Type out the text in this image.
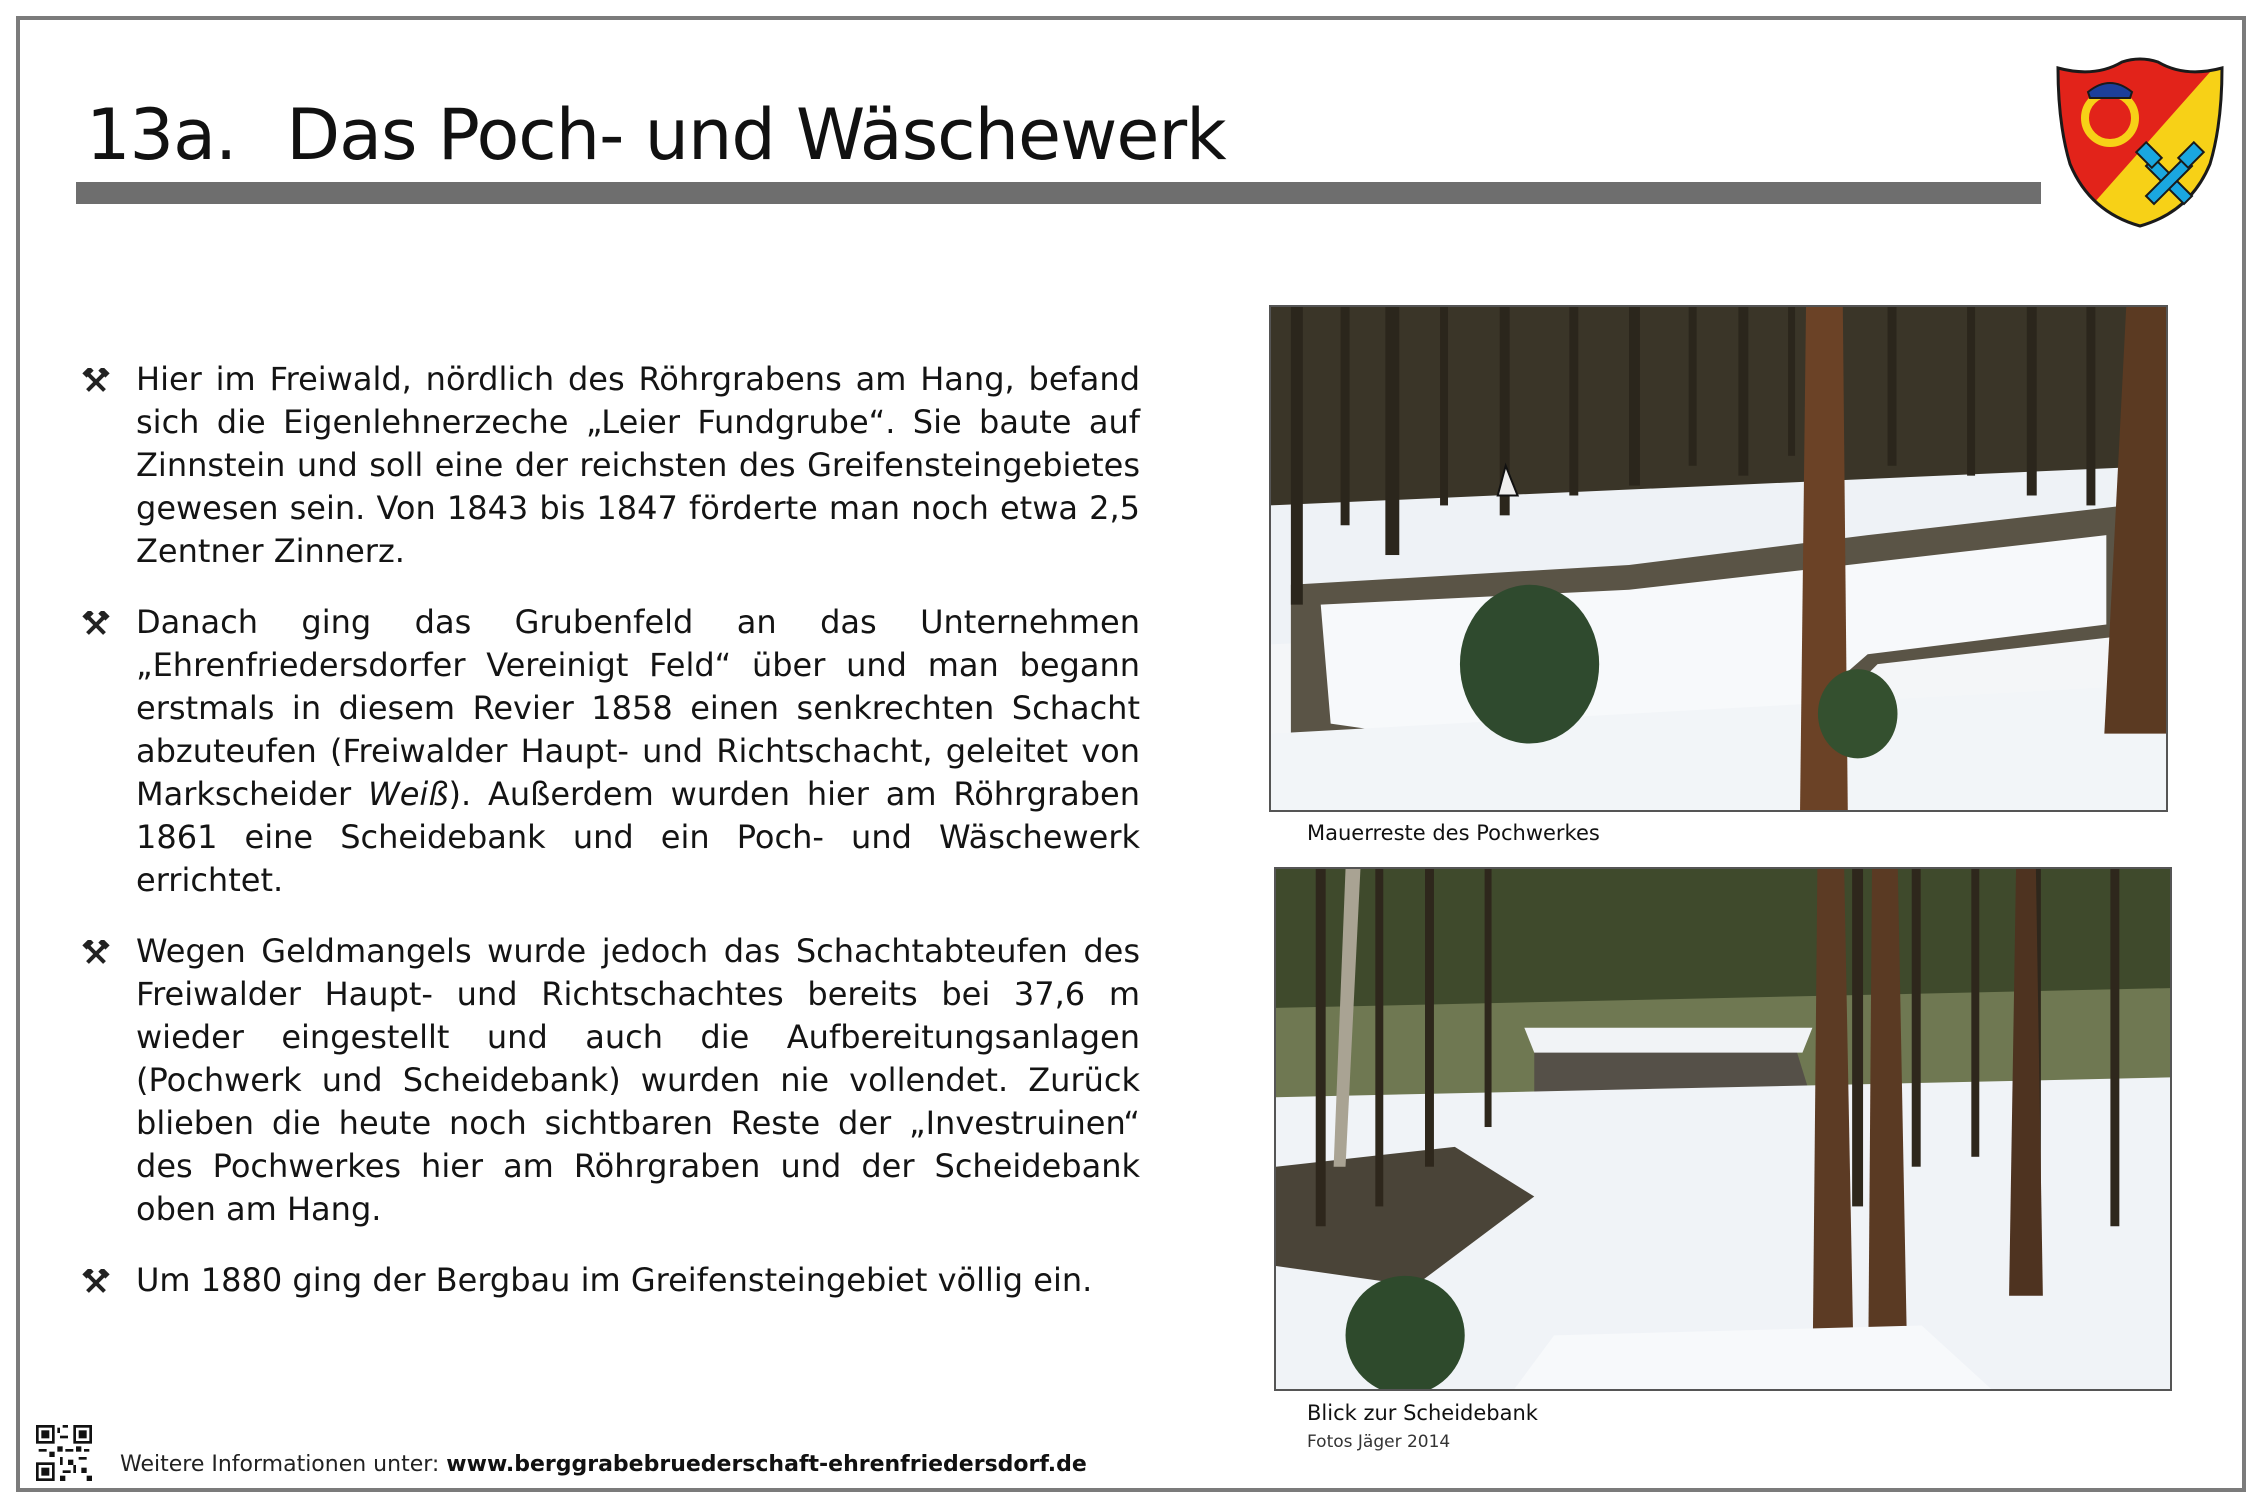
13a. Das Poch- und Wäschewerk
Hier im Freiwald, nördlich des Röhrgrabens am Hang, befand sich die Eigenlehnerzeche „Leier Fundgrube“. Sie baute auf Zinnstein und soll eine der reichsten des Greifensteingebietes gewesen sein. Von 1843 bis 1847 förderte man noch etwa 2,5 Zentner Zinnerz.
Danach ging das Grubenfeld an das Unternehmen „Ehrenfriedersdorfer Vereinigt Feld“ über und man begann erstmals in diesem Revier 1858 einen senkrechten Schacht abzuteufen (Freiwalder Haupt- und Richtschacht, geleitet von Markscheider Weiß). Außerdem wurden hier am Röhrgraben 1861 eine Scheidebank und ein Poch- und Wäschewerk errichtet.
Wegen Geldmangels wurde jedoch das Schachtabteufen des Freiwalder Haupt- und Richtschachtes bereits bei 37,6 m wieder eingestellt und auch die Aufbereitungsanlagen (Pochwerk und Scheidebank) wurden nie vollendet. Zurück blieben die heute noch sichtbaren Reste der „Investruinen“ des Pochwerkes hier am Röhrgraben und der Scheidebank oben am Hang.
Um 1880 ging der Bergbau im Greifensteingebiet völlig ein.
Mauerreste des Pochwerkes
Blick zur Scheidebank
Fotos Jäger 2014
Weitere Informationen unter: www.berggrabebruederschaft-ehrenfriedersdorf.de
